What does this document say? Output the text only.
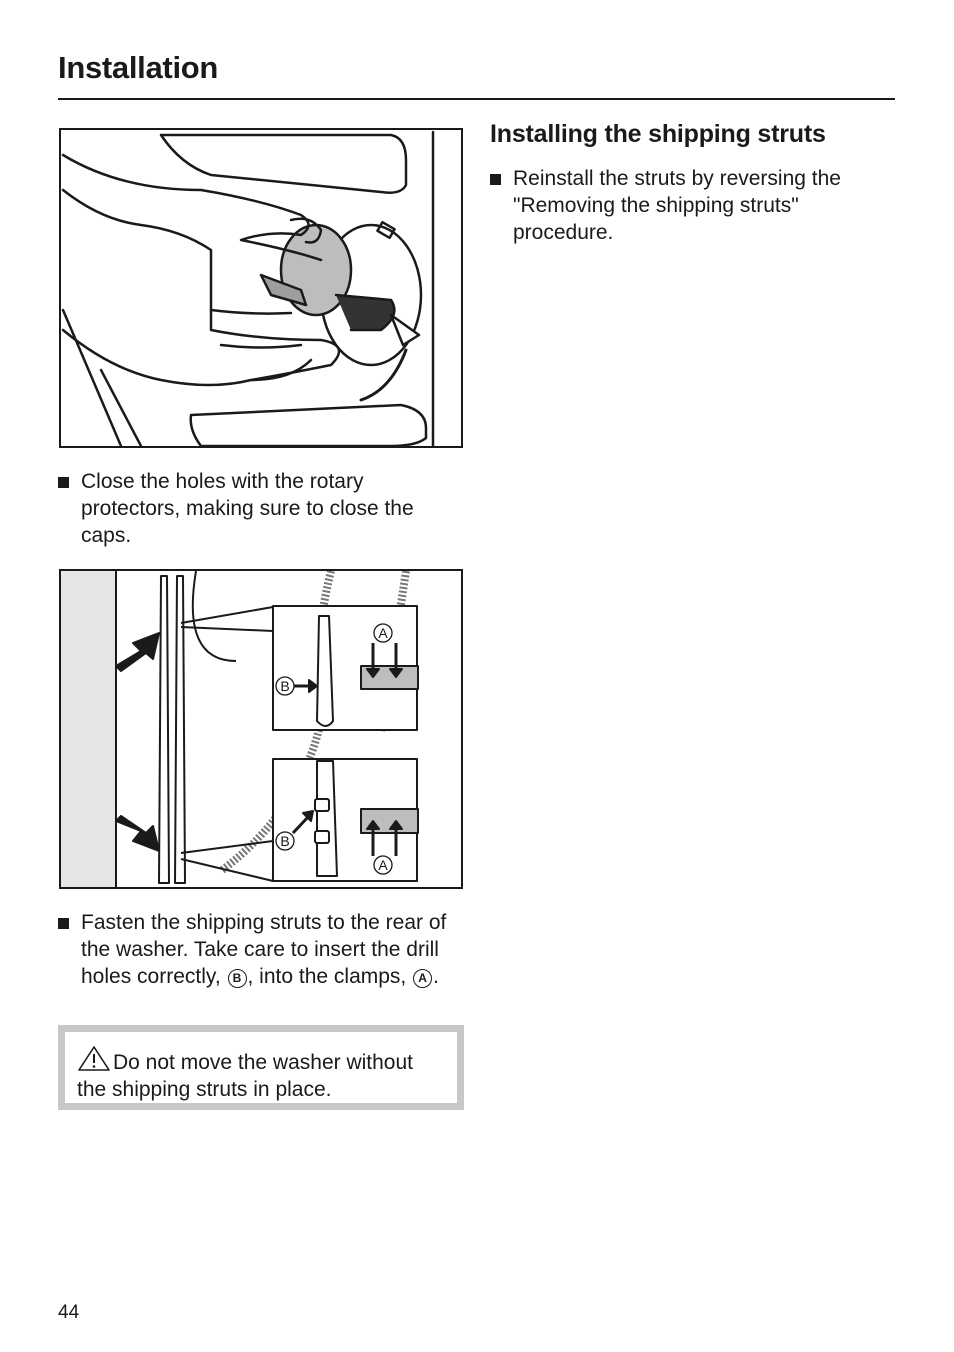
Installation
Close the holes with the rotary protectors, making sure to close the caps.
A
B
B
A
Fasten the shipping struts to the rear of the washer. Take care to insert the drill holes correctly, B , into the clamps, A .
Do not move the washer without the shipping struts in place.
Installing the shipping struts
Reinstall the struts by reversing the "Removing the shipping struts" procedure.
44
